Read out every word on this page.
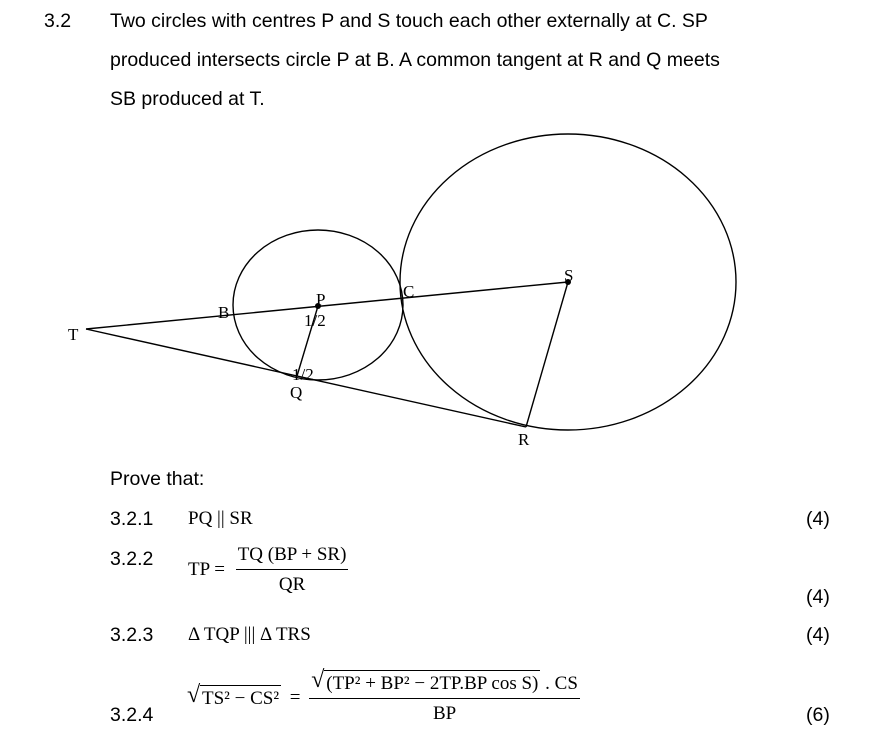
3.2 Two circles with centres P and S touch each other externally at C. SP
produced intersects circle P at B. A common tangent at R and Q meets
SB produced at T.
T
B
P	C
S
Q
R
1/2
1/2
Prove that:
3.2.1 PQ || SR	(4)
3.2.2 TP = $\frac{TQ (BP + SR)}{QR}$
(4)
3.2.3 Δ TQP ||| Δ TRS	(4)
3.2.4
√ $TS^2 - CS^2 = \frac{\text{√ (TP² + BP² − 2TP.BP cos S) . CS}}{BP}$	(6)
